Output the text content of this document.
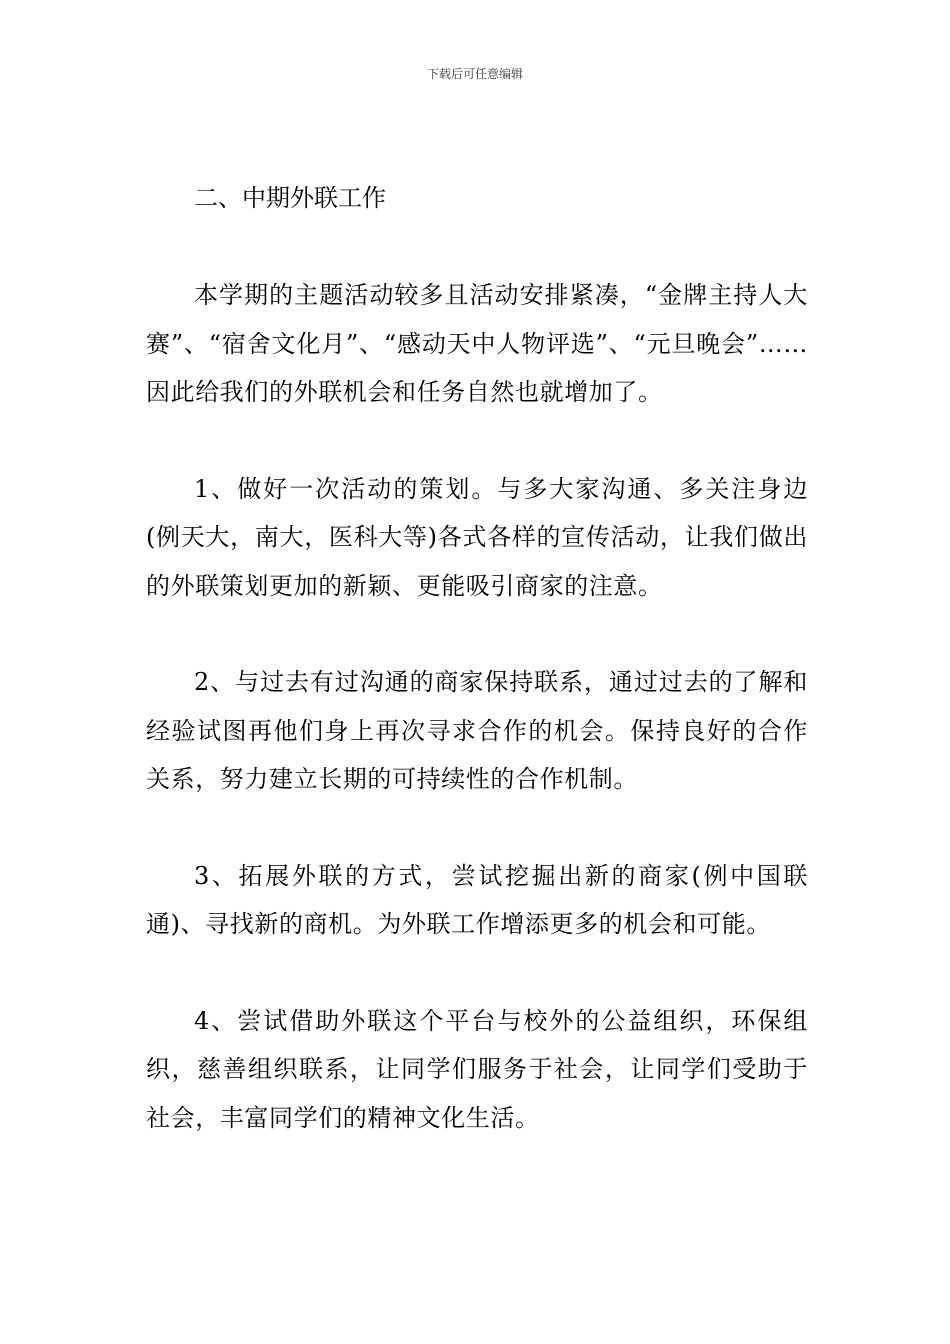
下载后可任意编辑

二、中期外联工作

本学期的主题活动较多且活动安排紧凑，“金牌主持人大赛”、“宿舍文化月”、“感动天中人物评选”、“元旦晚会”……因此给我们的外联机会和任务自然也就增加了。

1、做好一次活动的策划。与多大家沟通、多关注身边(例天大，南大，医科大等)各式各样的宣传活动，让我们做出的外联策划更加的新颖、更能吸引商家的注意。

2、与过去有过沟通的商家保持联系，通过过去的了解和经验试图再他们身上再次寻求合作的机会。保持良好的合作关系，努力建立长期的可持续性的合作机制。

3、拓展外联的方式，尝试挖掘出新的商家(例中国联通)、寻找新的商机。为外联工作增添更多的机会和可能。

4、尝试借助外联这个平台与校外的公益组织，环保组织，慈善组织联系，让同学们服务于社会，让同学们受助于社会，丰富同学们的精神文化生活。
